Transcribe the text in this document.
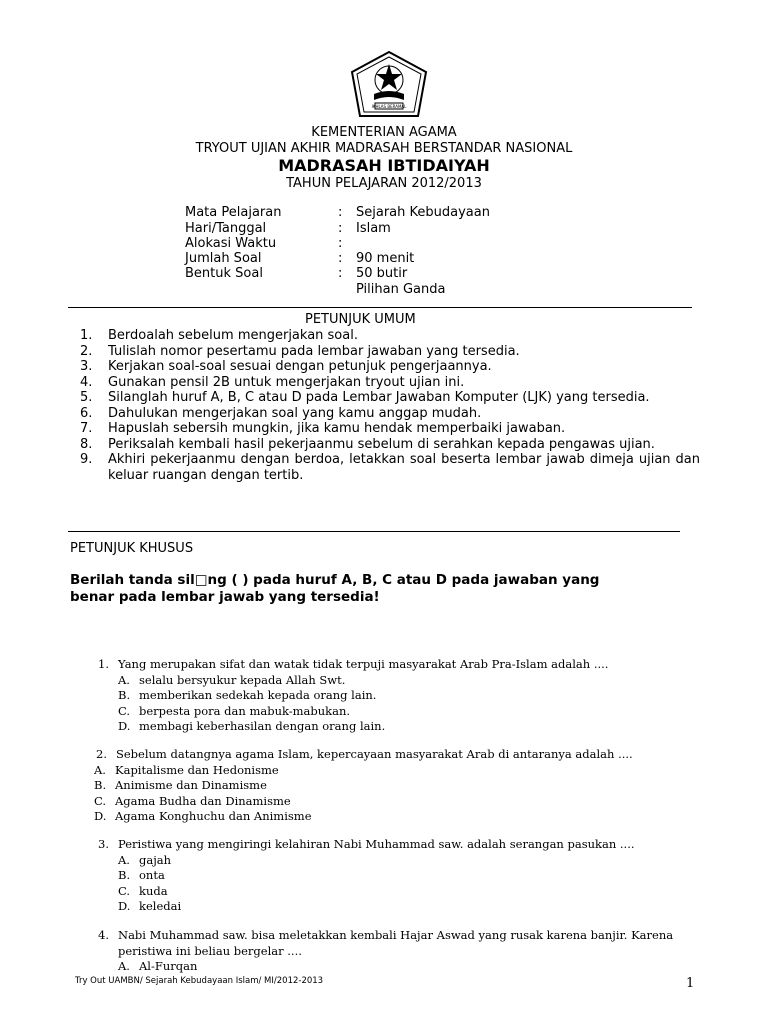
IKHLAS BERAMAL
KEMENTERIAN AGAMA
TRYOUT UJIAN AKHIR MADRASAH BERSTANDAR NASIONAL
MADRASAH IBTIDAIYAH
TAHUN PELAJARAN 2012/2013
Mata Pelajaran	: Sejarah Kebudayaan
Hari/Tanggal	: Islam
Alokasi Waktu	:
Jumlah Soal	: 90 menit
Bentuk Soal	: 50 butir
Pilihan Ganda
PETUNJUK UMUM
1. Berdoalah sebelum mengerjakan soal.
2. Tulislah nomor pesertamu pada lembar jawaban yang tersedia.
3. Kerjakan soal-soal sesuai dengan petunjuk pengerjaannya.
4. Gunakan pensil 2B untuk mengerjakan tryout ujian ini.
5. Silanglah huruf A, B, C atau D pada Lembar Jawaban Komputer (LJK) yang tersedia.
6. Dahulukan mengerjakan soal yang kamu anggap mudah.
7. Hapuslah sebersih mungkin, jika kamu hendak memperbaiki jawaban.
8. Periksalah kembali hasil pekerjaanmu sebelum di serahkan kepada pengawas ujian.
9. Akhiri pekerjaanmu dengan berdoa, letakkan soal beserta lembar jawab dimeja ujian dan keluar ruangan dengan tertib.
PETUNJUK KHUSUS
Berilah tanda sil□ng ( ) pada huruf A, B, C atau D pada jawaban yang
benar pada lembar jawab yang tersedia!
1. Yang merupakan sifat dan watak tidak terpuji masyarakat Arab Pra-Islam adalah ....
A. selalu bersyukur kepada Allah Swt.
B. memberikan sedekah kepada orang lain.
C. berpesta pora dan mabuk-mabukan.
D. membagi keberhasilan dengan orang lain.
2. Sebelum datangnya agama Islam, kepercayaan masyarakat Arab di antaranya adalah ....
A. Kapitalisme dan Hedonisme
B. Animisme dan Dinamisme
C. Agama Budha dan Dinamisme
D. Agama Konghuchu dan Animisme
3. Peristiwa yang mengiringi kelahiran Nabi Muhammad saw. adalah serangan pasukan ....
A. gajah
B. onta
C. kuda
D. keledai
4. Nabi Muhammad saw. bisa meletakkan kembali Hajar Aswad yang rusak karena banjir. Karena
peristiwa ini beliau bergelar ....
A. Al-Furqan
Try Out UAMBN/ Sejarah Kebudayaan Islam/ MI/2012-2013	1
